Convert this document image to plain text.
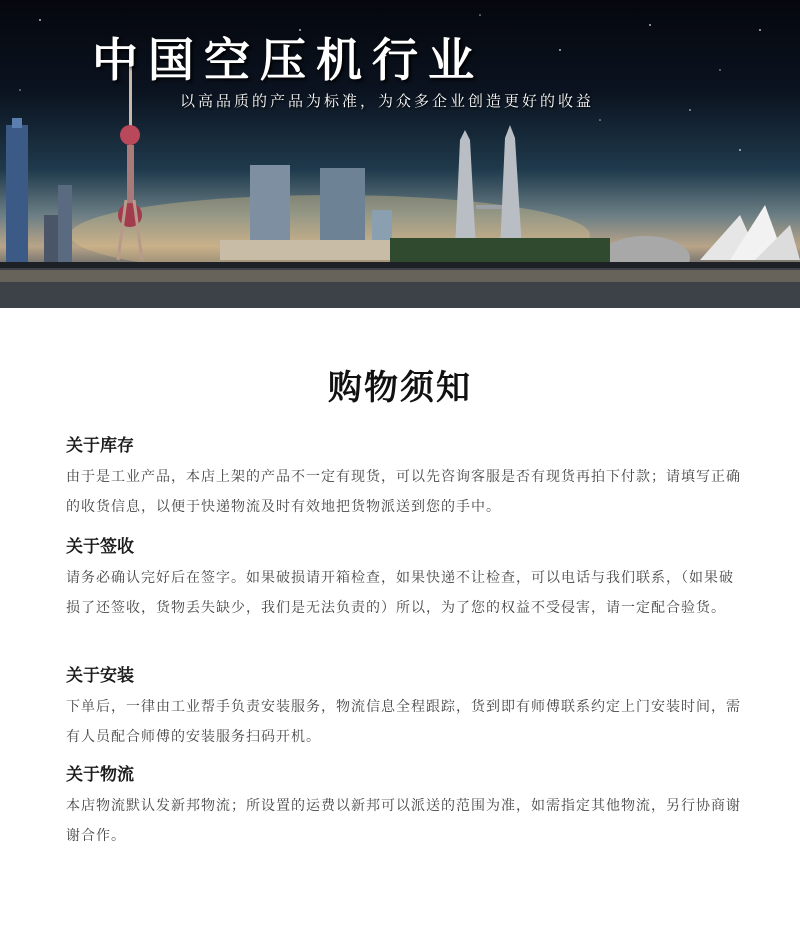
中国空压机行业
以高品质的产品为标准，为众多企业创造更好的收益
购物须知
关于库存

由于是工业产品，本店上架的产品不一定有现货，可以先咨询客服是否有现货再拍下付款；请填写正确的收货信息，以便于快递物流及时有效地把货物派送到您的手中。

关于签收

请务必确认完好后在签字。如果破损请开箱检查，如果快递不让检查，可以电话与我们联系，（如果破损了还签收，货物丢失缺少，我们是无法负责的）所以，为了您的权益不受侵害，请一定配合验货。

关于安装

下单后，一律由工业帮手负责安装服务，物流信息全程跟踪，货到即有师傅联系约定上门安装时间，需有人员配合师傅的安装服务扫码开机。

关于物流

本店物流默认发新邦物流；所设置的运费以新邦可以派送的范围为准，如需指定其他物流，另行协商谢谢合作。
